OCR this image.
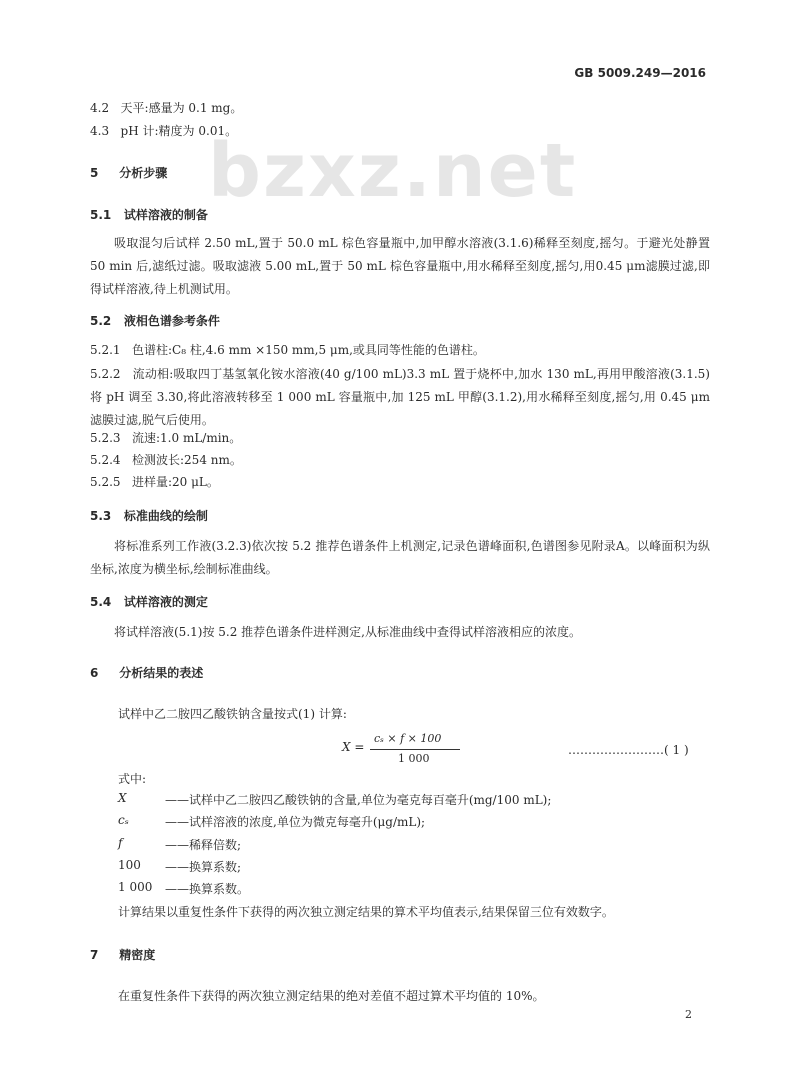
bzxz.net
GB 5009.249—2016
4.2 天平:感量为 0.1 mg。
4.3 pH 计:精度为 0.01。
5 分析步骤
5.1 试样溶液的制备
吸取混匀后试样 2.50 mL,置于 50.0 mL 棕色容量瓶中,加甲醇水溶液(3.1.6)稀释至刻度,摇匀。于避光处静置 50 min 后,滤纸过滤。吸取滤液 5.00 mL,置于 50 mL 棕色容量瓶中,用水稀释至刻度,摇匀,用0.45 μm滤膜过滤,即得试样溶液,待上机测试用。
5.2 液相色谱参考条件
5.2.1 色谱柱:C₈ 柱,4.6 mm ×150 mm,5 μm,或具同等性能的色谱柱。
5.2.2 流动相:吸取四丁基氢氧化铵水溶液(40 g/100 mL)3.3 mL 置于烧杯中,加水 130 mL,再用甲酸溶液(3.1.5)将 pH 调至 3.30,将此溶液转移至 1 000 mL 容量瓶中,加 125 mL 甲醇(3.1.2),用水稀释至刻度,摇匀,用 0.45 μm 滤膜过滤,脱气后使用。
5.2.3 流速:1.0 mL/min。
5.2.4 检测波长:254 nm。
5.2.5 进样量:20 μL。
5.3 标准曲线的绘制
将标准系列工作液(3.2.3)依次按 5.2 推荐色谱条件上机测定,记录色谱峰面积,色谱图参见附录A。以峰面积为纵坐标,浓度为横坐标,绘制标准曲线。
5.4 试样溶液的测定
将试样溶液(5.1)按 5.2 推荐色谱条件进样测定,从标准曲线中查得试样溶液相应的浓度。
6 分析结果的表述
试样中乙二胺四乙酸铁钠含量按式(1) 计算:
X =
cₛ × f × 100
1 000
……………………( 1 )
式中:
X	——试样中乙二胺四乙酸铁钠的含量,单位为毫克每百毫升(mg/100 mL);
cₛ	——试样溶液的浓度,单位为微克每毫升(μg/mL);
f	——稀释倍数;
100 ——换算系数;
1 000 ——换算系数。
计算结果以重复性条件下获得的两次独立测定结果的算术平均值表示,结果保留三位有效数字。
7 精密度
在重复性条件下获得的两次独立测定结果的绝对差值不超过算术平均值的 10%。
2
